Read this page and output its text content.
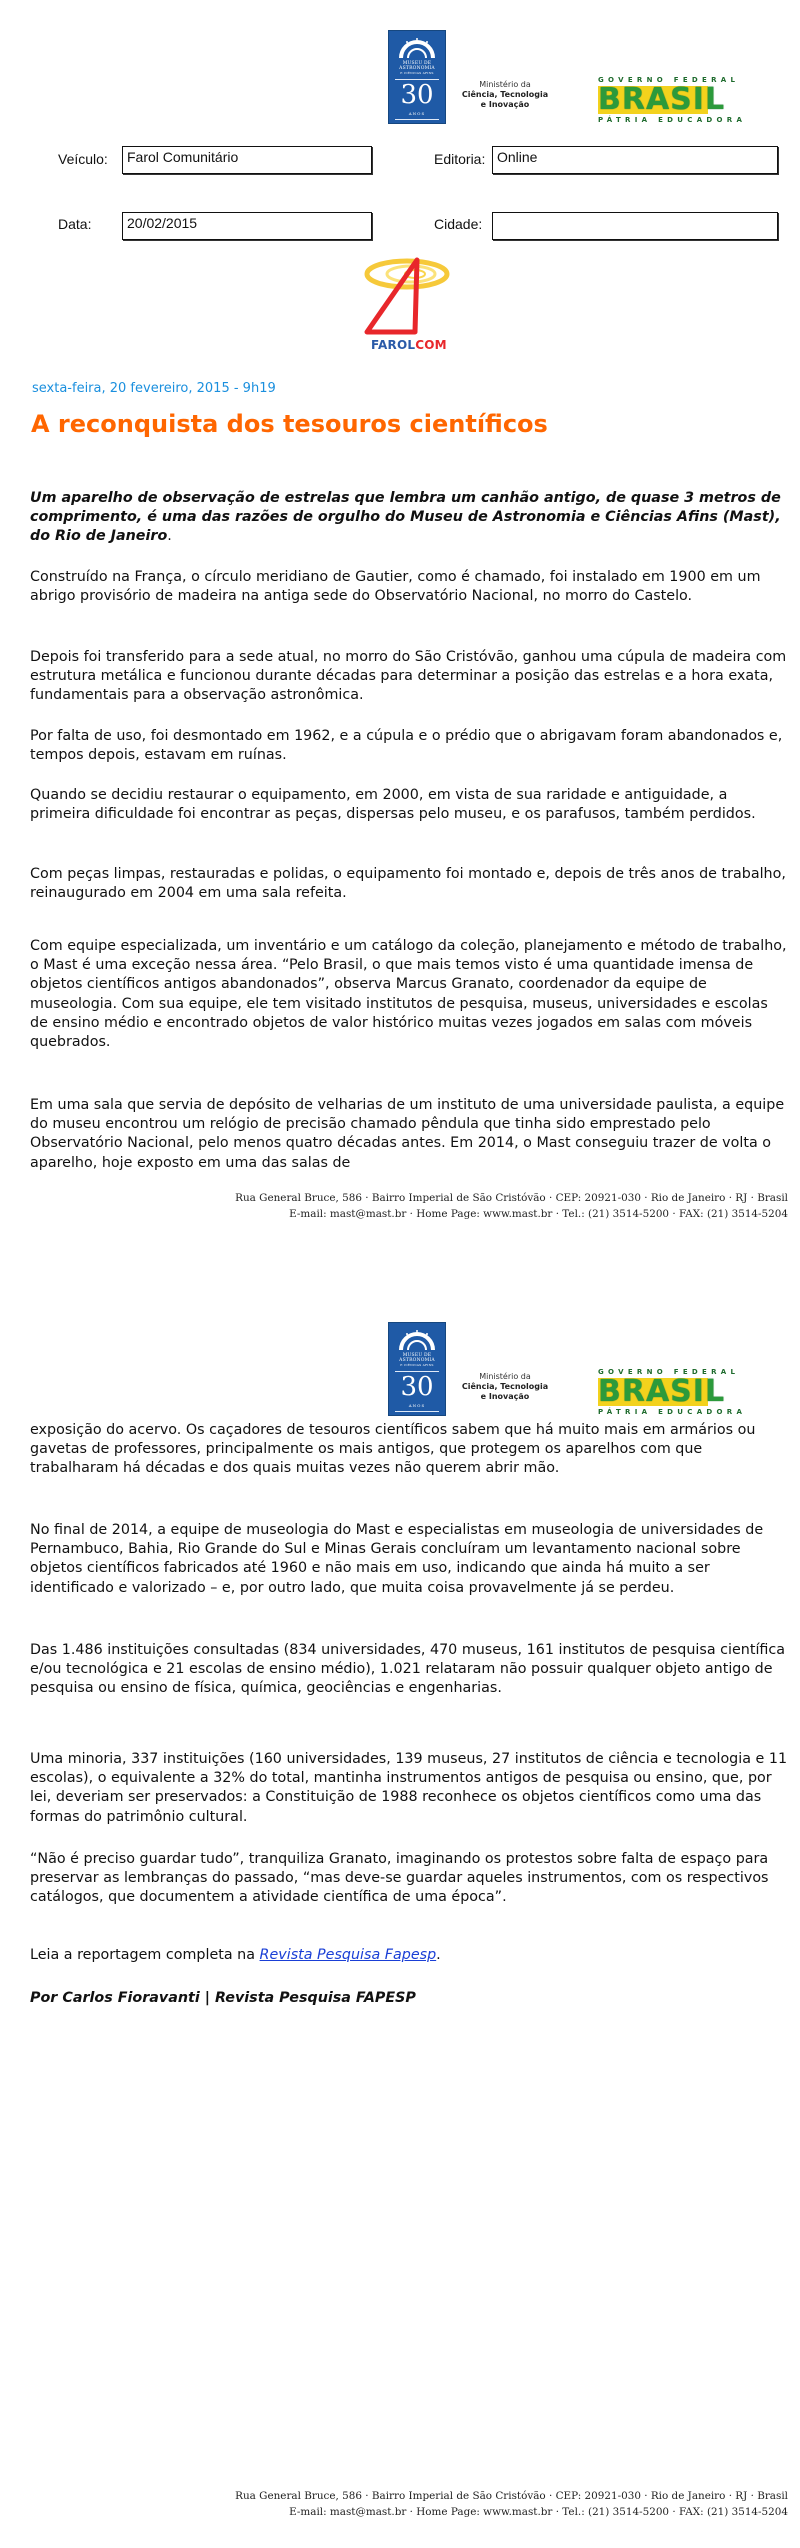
MUSEU DE
ASTRONOMIA
E CIÊNCIAS AFINS
30
ANOS
Ministério da
Ciência, Tecnologia
e Inovação
GOVERNO FEDERAL
BRASIL
PÁTRIA EDUCADORA
Veículo:	Farol Comunitário	Editoria: Online
Data:	20/02/2015	Cidade:
FAROLCOM
sexta-feira, 20 fevereiro, 2015 - 9h19
A reconquista dos tesouros científicos
Um aparelho de observação de estrelas que lembra um canhão antigo, de quase 3 metros de comprimento, é uma das razões de orgulho do Museu de Astronomia e Ciências Afins (Mast), do Rio de Janeiro.
Construído na França, o círculo meridiano de Gautier, como é chamado, foi instalado em 1900 em um abrigo provisório de madeira na antiga sede do Observatório Nacional, no morro do Castelo.
Depois foi transferido para a sede atual, no morro do São Cristóvão, ganhou uma cúpula de madeira com estrutura metálica e funcionou durante décadas para determinar a posição das estrelas e a hora exata, fundamentais para a observação astronômica.
Por falta de uso, foi desmontado em 1962, e a cúpula e o prédio que o abrigavam foram abandonados e, tempos depois, estavam em ruínas.
Quando se decidiu restaurar o equipamento, em 2000, em vista de sua raridade e antiguidade, a primeira dificuldade foi encontrar as peças, dispersas pelo museu, e os parafusos, também perdidos.
Com peças limpas, restauradas e polidas, o equipamento foi montado e, depois de três anos de trabalho, reinaugurado em 2004 em uma sala refeita.
Com equipe especializada, um inventário e um catálogo da coleção, planejamento e método de trabalho, o Mast é uma exceção nessa área. “Pelo Brasil, o que mais temos visto é uma quantidade imensa de objetos científicos antigos abandonados”, observa Marcus Granato, coordenador da equipe de museologia. Com sua equipe, ele tem visitado institutos de pesquisa, museus, universidades e escolas de ensino médio e encontrado objetos de valor histórico muitas vezes jogados em salas com móveis quebrados.
Em uma sala que servia de depósito de velharias de um instituto de uma universidade paulista, a equipe do museu encontrou um relógio de precisão chamado pêndula que tinha sido emprestado pelo Observatório Nacional, pelo menos quatro décadas antes. Em 2014, o Mast conseguiu trazer de volta o aparelho, hoje exposto em uma das salas de
Rua General Bruce, 586 · Bairro Imperial de São Cristóvão · CEP: 20921-030 · Rio de Janeiro · RJ · Brasil
E-mail: mast@mast.br · Home Page: www.mast.br · Tel.: (21) 3514-5200 · FAX: (21) 3514-5204
MUSEU DE
ASTRONOMIA
E CIÊNCIAS AFINS
30
ANOS
Ministério da
Ciência, Tecnologia
e Inovação
GOVERNO FEDERAL
BRASIL
PÁTRIA EDUCADORA
exposição do acervo. Os caçadores de tesouros científicos sabem que há muito mais em armários ou gavetas de professores, principalmente os mais antigos, que protegem os aparelhos com que trabalharam há décadas e dos quais muitas vezes não querem abrir mão.
No final de 2014, a equipe de museologia do Mast e especialistas em museologia de universidades de Pernambuco, Bahia, Rio Grande do Sul e Minas Gerais concluíram um levantamento nacional sobre objetos científicos fabricados até 1960 e não mais em uso, indicando que ainda há muito a ser identificado e valorizado – e, por outro lado, que muita coisa provavelmente já se perdeu.
Das 1.486 instituições consultadas (834 universidades, 470 museus, 161 institutos de pesquisa científica e/ou tecnológica e 21 escolas de ensino médio), 1.021 relataram não possuir qualquer objeto antigo de pesquisa ou ensino de física, química, geociências e engenharias.
Uma minoria, 337 instituições (160 universidades, 139 museus, 27 institutos de ciência e tecnologia e 11 escolas), o equivalente a 32% do total, mantinha instrumentos antigos de pesquisa ou ensino, que, por lei, deveriam ser preservados: a Constituição de 1988 reconhece os objetos científicos como uma das formas do patrimônio cultural.
“Não é preciso guardar tudo”, tranquiliza Granato, imaginando os protestos sobre falta de espaço para preservar as lembranças do passado, “mas deve-se guardar aqueles instrumentos, com os respectivos catálogos, que documentem a atividade científica de uma época”.
Leia a reportagem completa na Revista Pesquisa Fapesp.
Por Carlos Fioravanti | Revista Pesquisa FAPESP
Rua General Bruce, 586 · Bairro Imperial de São Cristóvão · CEP: 20921-030 · Rio de Janeiro · RJ · Brasil
E-mail: mast@mast.br · Home Page: www.mast.br · Tel.: (21) 3514-5200 · FAX: (21) 3514-5204
